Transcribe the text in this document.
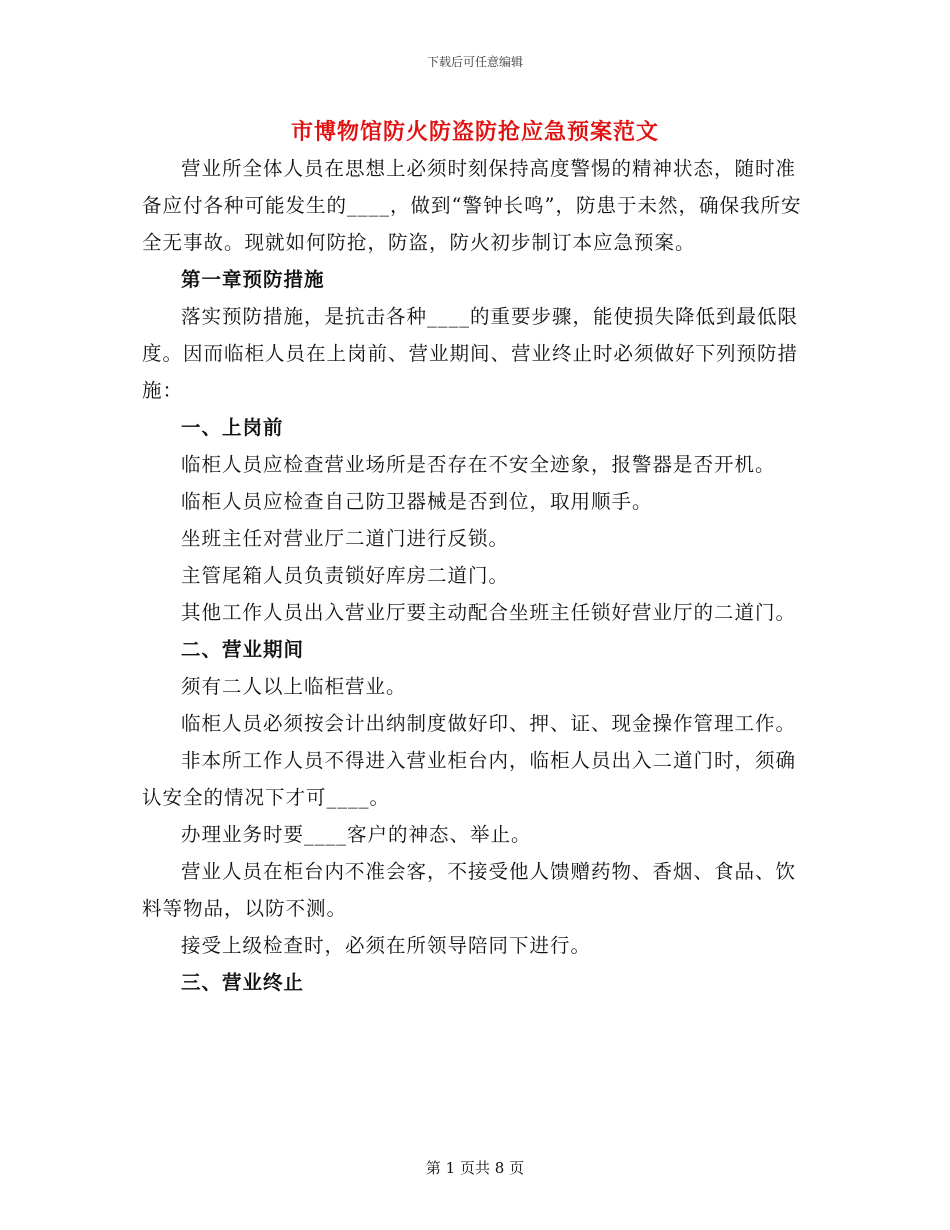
下载后可任意编辑
市博物馆防火防盗防抢应急预案范文

营业所全体人员在思想上必须时刻保持高度警惕的精神状态，随时准备应付各种可能发生的____，做到“警钟长鸣”，防患于未然，确保我所安全无事故。现就如何防抢，防盗，防火初步制订本应急预案。

第一章预防措施

落实预防措施，是抗击各种____的重要步骤，能使损失降低到最低限度。因而临柜人员在上岗前、营业期间、营业终止时必须做好下列预防措施：

一、上岗前

临柜人员应检查营业场所是否存在不安全迹象，报警器是否开机。

临柜人员应检查自己防卫器械是否到位，取用顺手。

坐班主任对营业厅二道门进行反锁。

主管尾箱人员负责锁好库房二道门。

其他工作人员出入营业厅要主动配合坐班主任锁好营业厅的二道门。

二、营业期间

须有二人以上临柜营业。

临柜人员必须按会计出纳制度做好印、押、证、现金操作管理工作。

非本所工作人员不得进入营业柜台内，临柜人员出入二道门时，须确认安全的情况下才可____。

办理业务时要____客户的神态、举止。

营业人员在柜台内不准会客，不接受他人馈赠药物、香烟、食品、饮料等物品，以防不测。

接受上级检查时，必须在所领导陪同下进行。

三、营业终止

第 1 页共 8 页
